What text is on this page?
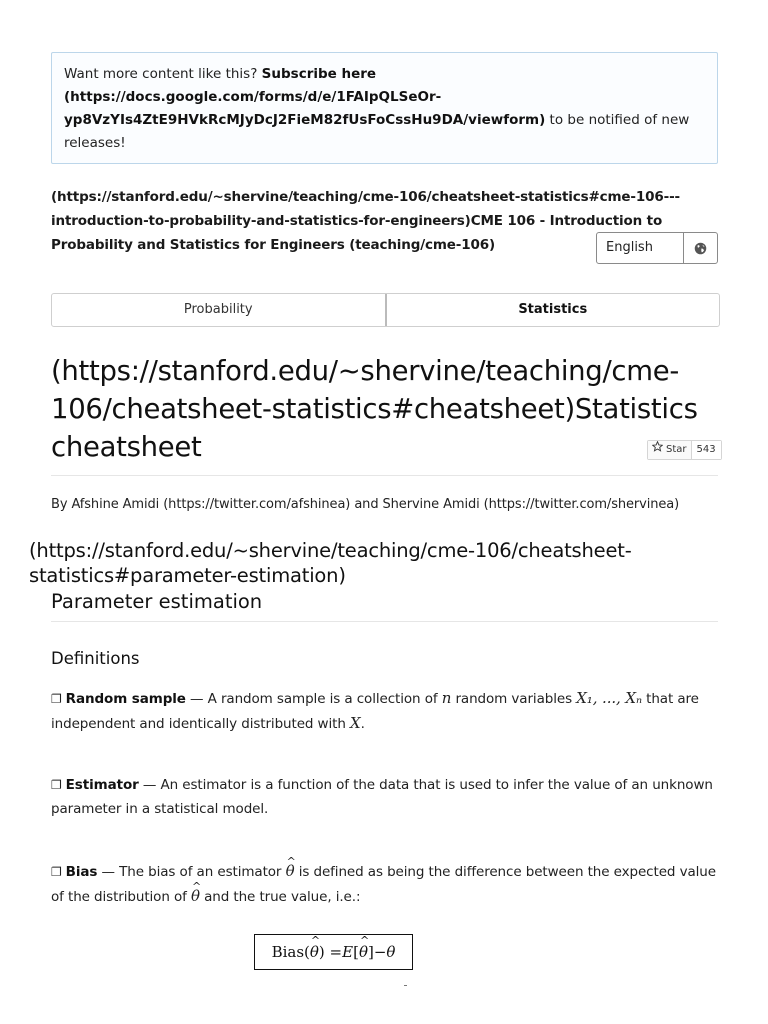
Want more content like this? Subscribe here (https://docs.google.com/forms/d/e/1FAIpQLSeOr-yp8VzYIs4ZtE9HVkRcMJyDcJ2FieM82fUsFoCssHu9DA/viewform) to be notified of new releases!
(https://stanford.edu/~shervine/teaching/cme-106/cheatsheet-statistics#cme-106---introduction-to-probability-and-statistics-for-engineers)CME 106 - Introduction to Probability and Statistics for Engineers (teaching/cme-106)	English
Probability	Statistics
(https://stanford.edu/~shervine/teaching/cme-106/cheatsheet-statistics#cheatsheet)Statistics cheatsheet	Star	543
By Afshine Amidi (https://twitter.com/afshinea) and Shervine Amidi (https://twitter.com/shervinea)
(https://stanford.edu/~shervine/teaching/cme-106/cheatsheet-statistics#parameter-estimation)
Parameter estimation
Definitions
❐ Random sample — A random sample is a collection of n random variables X₁, ..., Xₙ that are independent and identically distributed with X.
❐ Estimator — An estimator is a function of the data that is used to infer the value of an unknown parameter in a statistical model.
❐ Bias — The bias of an estimator ^ θ is defined as being the difference between the expected value of the distribution of ^ θ and the true value, i.e.:
Bias( ^ θ ) = E [ ^ θ ] − θ
